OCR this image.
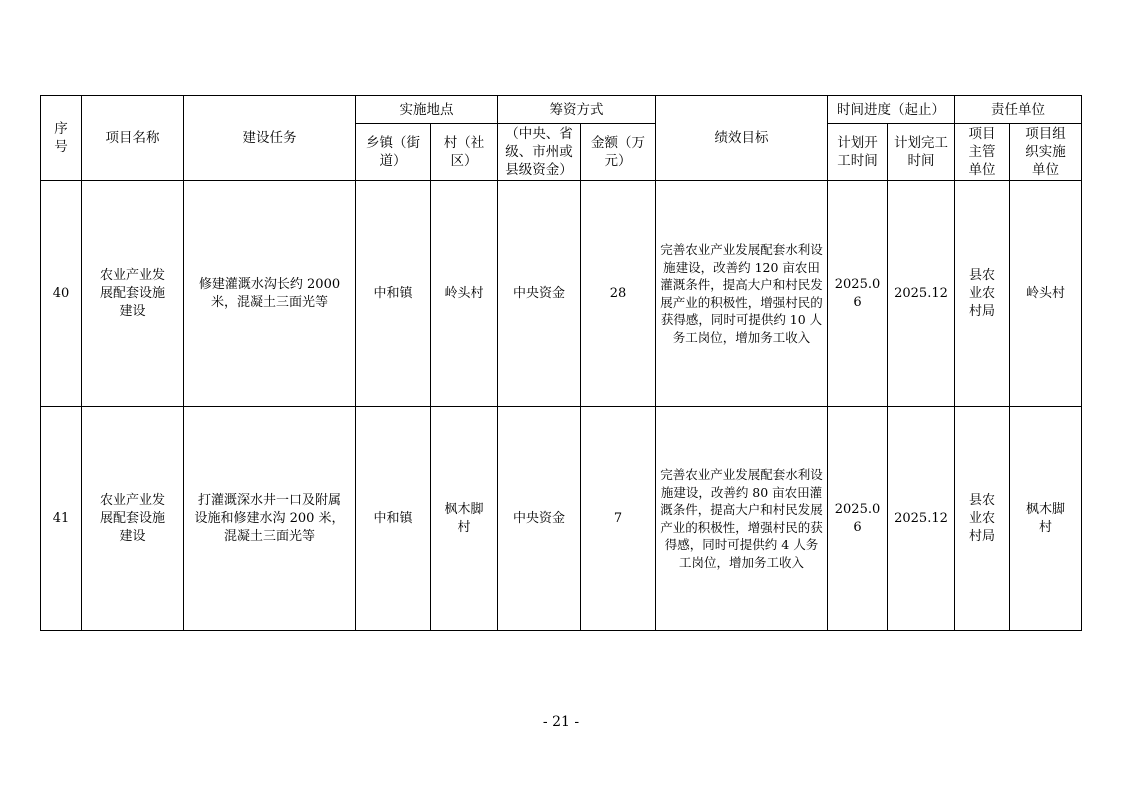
序号	项目名称	建设任务	实施地点		筹资方式		绩效目标	时间进度（起止）		责任单位	
			乡镇（街道）	村（社区）	（中央、省级、市州或县级资金）	金额（万元）		计划开工时间	计划完工时间	项目主管单位	项目组织实施单位
40	农业产业发展配套设施建设	修建灌溉水沟长约 2000 米，混凝土三面光等	中和镇	岭头村	中央资金	28	完善农业产业发展配套水利设施建设，改善约 120 亩农田灌溉条件，提高大户和村民发展产业的积极性，增强村民的获得感，同时可提供约 10 人务工岗位，增加务工收入	2025.06	2025.12	县农业农村局	岭头村
41	农业产业发展配套设施建设	打灌溉深水井一口及附属设施和修建水沟 200 米，混凝土三面光等	中和镇	枫木脚村	中央资金	7	完善农业产业发展配套水利设施建设，改善约 80 亩农田灌溉条件，提高大户和村民发展产业的积极性，增强村民的获得感，同时可提供约 4 人务工岗位，增加务工收入	2025.06	2025.12	县农业农村局	枫木脚村
- 21 -
